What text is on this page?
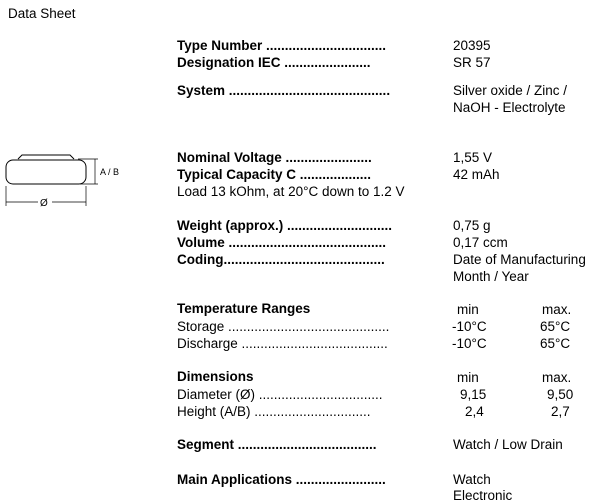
Data Sheet
A / B
Ø
Type Number ................................	20395
Designation IEC .......................	SR 57
System ...........................................	Silver oxide / Zinc /
NaOH - Electrolyte
Nominal Voltage .......................	1,55 V
Typical Capacity C ...................	42 mAh
Load 13 kOhm, at 20°C down to 1.2 V
Weight (approx.) ............................	0,75 g
Volume ..........................................	0,17 ccm
Coding...........................................	Date of Manufacturing
Month / Year
Temperature Ranges	min	max.
Storage ...........................................	-10°C	65°C
Discharge .......................................	-10°C	65°C
Dimensions	min	max.
Diameter (Ø) .................................	9,15	9,50
Height (A/B) ...............................	2,4	2,7
Segment .....................................	Watch / Low Drain
Main Applications ........................	Watch
Electronic
